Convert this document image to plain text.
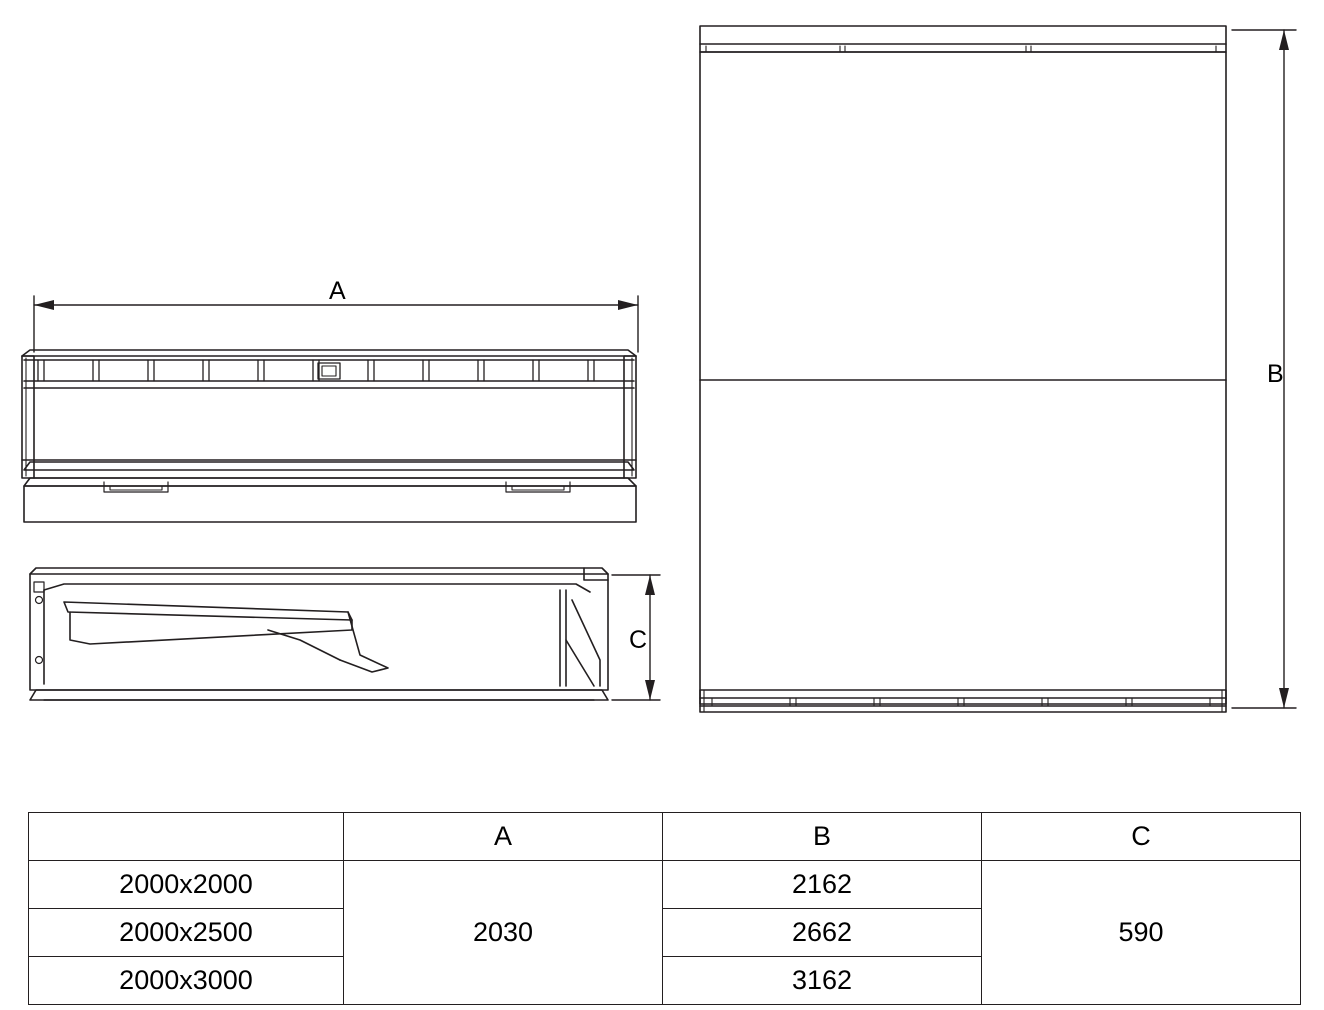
A
B
C
	A	B	C
2000x2000	2030	2162	590
2000x2500		2662	
2000x3000		3162	
